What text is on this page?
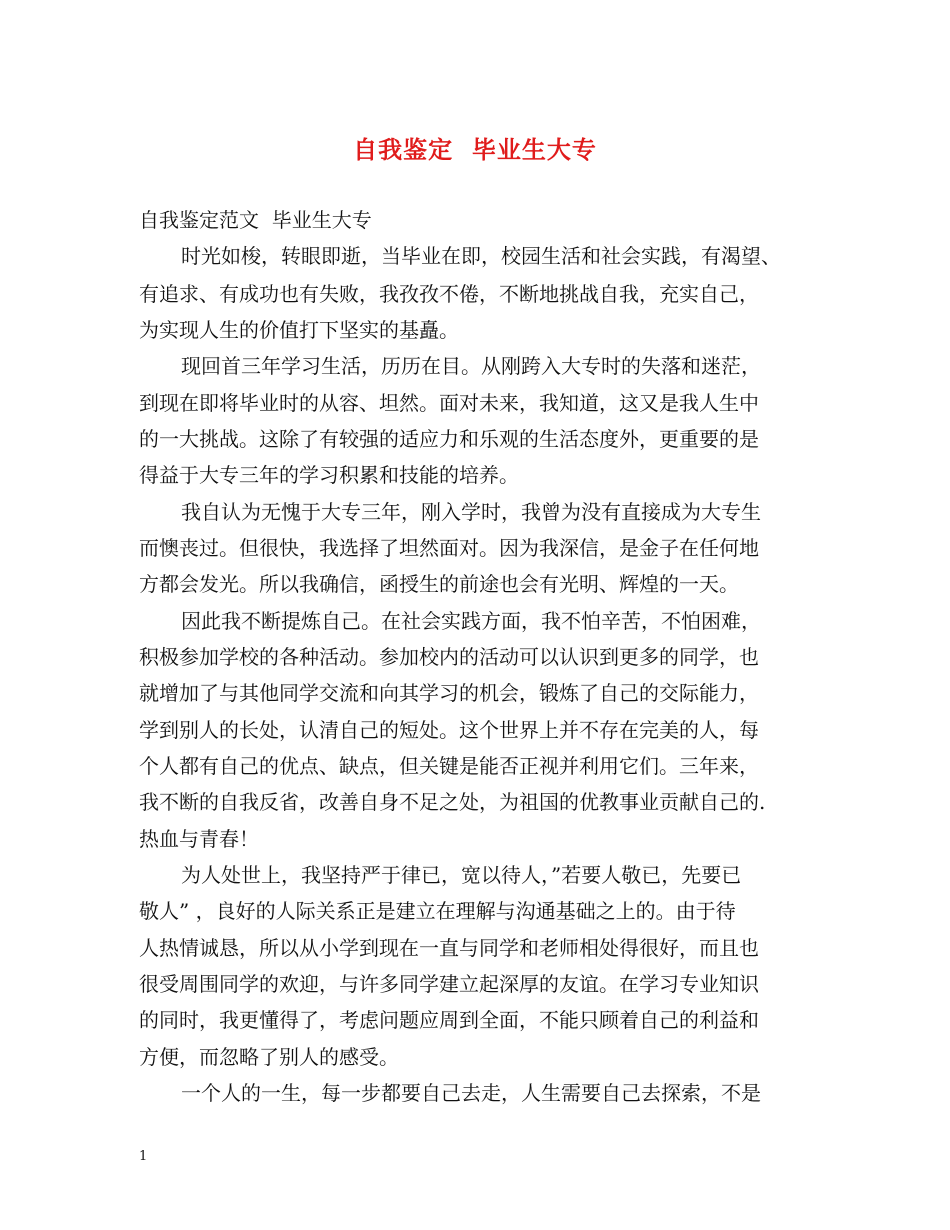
自我鉴定  毕业生大专
自我鉴定范文  毕业生大专
时光如梭，转眼即逝，当毕业在即，校园生活和社会实践，有渴望、
有追求、有成功也有失败，我孜孜不倦，不断地挑战自我，充实自己，
为实现人生的价值打下坚实的基矗。
现回首三年学习生活，历历在目。从刚跨入大专时的失落和迷茫，
到现在即将毕业时的从容、坦然。面对未来，我知道，这又是我人生中
的一大挑战。这除了有较强的适应力和乐观的生活态度外，更重要的是
得益于大专三年的学习积累和技能的培养。
我自认为无愧于大专三年，刚入学时，我曾为没有直接成为大专生
而懊丧过。但很快，我选择了坦然面对。因为我深信，是金子在任何地
方都会发光。所以我确信，函授生的前途也会有光明、辉煌的一天。
因此我不断提炼自己。在社会实践方面，我不怕辛苦，不怕困难，
积极参加学校的各种活动。参加校内的活动可以认识到更多的同学，也
就增加了与其他同学交流和向其学习的机会，锻炼了自己的交际能力，
学到别人的长处，认清自己的短处。这个世界上并不存在完美的人，每
个人都有自己的优点、缺点，但关键是能否正视并利用它们。三年来，
我不断的自我反省，改善自身不足之处，为祖国的优教事业贡献自己的.
热血与青春！
为人处世上，我坚持严于律已，宽以待人，”若要人敬已，先要已
敬人” ，良好的人际关系正是建立在理解与沟通基础之上的。由于待
人热情诚恳，所以从小学到现在一直与同学和老师相处得很好，而且也
很受周围同学的欢迎，与许多同学建立起深厚的友谊。在学习专业知识
的同时，我更懂得了，考虑问题应周到全面，不能只顾着自己的利益和
方便，而忽略了别人的感受。
一个人的一生，每一步都要自己去走，人生需要自己去探索，不是
1
